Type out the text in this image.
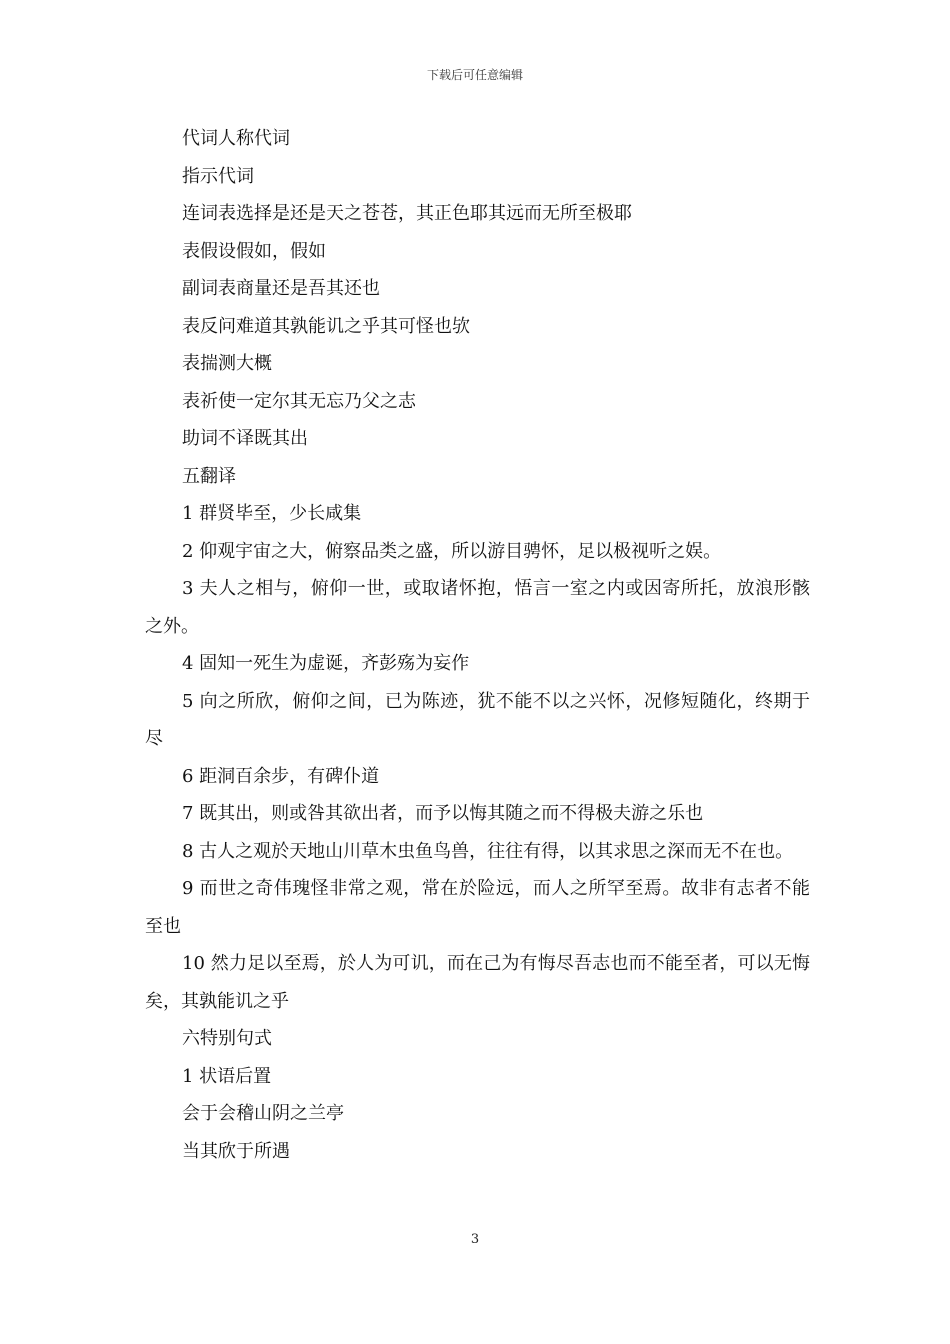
下载后可任意编辑

代词人称代词

指示代词

连词表选择是还是天之苍苍，其正色耶其远而无所至极耶

表假设假如，假如

副词表商量还是吾其还也

表反问难道其孰能讥之乎其可怪也欤

表揣测大概

表祈使一定尔其无忘乃父之志

助词不译既其出

五翻译

1 群贤毕至，少长咸集

2 仰观宇宙之大，俯察品类之盛，所以游目骋怀，足以极视听之娱。

3 夫人之相与，俯仰一世，或取诸怀抱，悟言一室之内或因寄所托，放浪形骸之外。

4 固知一死生为虚诞，齐彭殇为妄作

5 向之所欣，俯仰之间，已为陈迹，犹不能不以之兴怀，况修短随化，终期于尽

6 距洞百余步，有碑仆道

7 既其出，则或咎其欲出者，而予以悔其随之而不得极夫游之乐也

8 古人之观於天地山川草木虫鱼鸟兽，往往有得，以其求思之深而无不在也。

9 而世之奇伟瑰怪非常之观，常在於险远，而人之所罕至焉。故非有志者不能至也

10 然力足以至焉，於人为可讥，而在己为有悔尽吾志也而不能至者，可以无悔矣，其孰能讥之乎

六特别句式

1 状语后置

会于会稽山阴之兰亭

当其欣于所遇

3
